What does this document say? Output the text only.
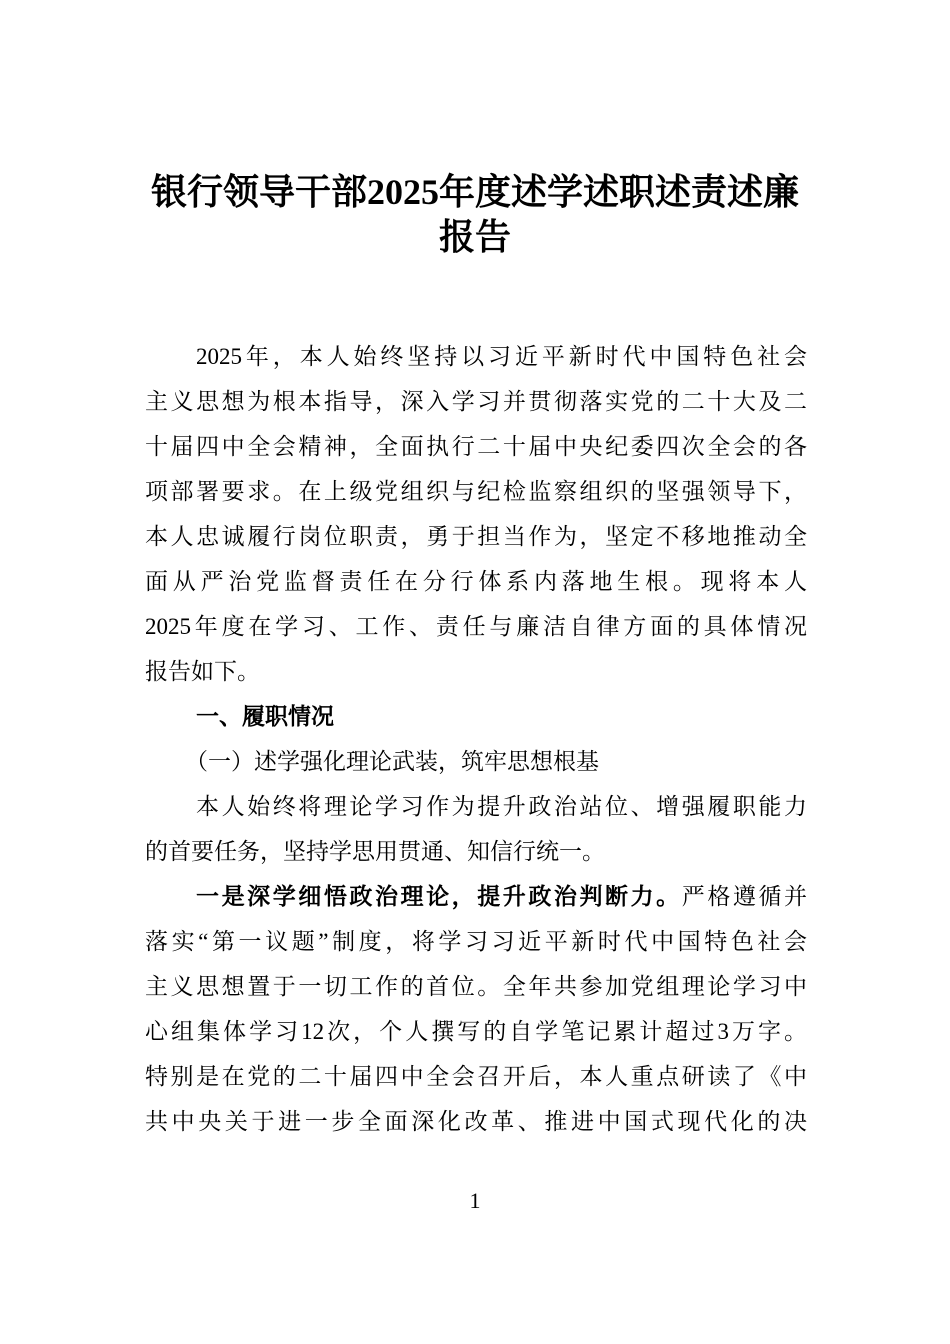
银行领导干部2025年度述学述职述责述廉
报告
2025年，本人始终坚持以习近平新时代中国特色社会
主义思想为根本指导，深入学习并贯彻落实党的二十大及二
十届四中全会精神，全面执行二十届中央纪委四次全会的各
项部署要求。在上级党组织与纪检监察组织的坚强领导下，
本人忠诚履行岗位职责，勇于担当作为，坚定不移地推动全
面从严治党监督责任在分行体系内落地生根。现将本人
2025年度在学习、工作、责任与廉洁自律方面的具体情况
报告如下。
一、履职情况
（一）述学强化理论武装，筑牢思想根基
本人始终将理论学习作为提升政治站位、增强履职能力
的首要任务，坚持学思用贯通、知信行统一。
一是深学细悟政治理论，提升政治判断力。严格遵循并
落实“第一议题”制度，将学习习近平新时代中国特色社会
主义思想置于一切工作的首位。全年共参加党组理论学习中
心组集体学习12次，个人撰写的自学笔记累计超过3万字。
特别是在党的二十届四中全会召开后，本人重点研读了《中
共中央关于进一步全面深化改革、推进中国式现代化的决
1
